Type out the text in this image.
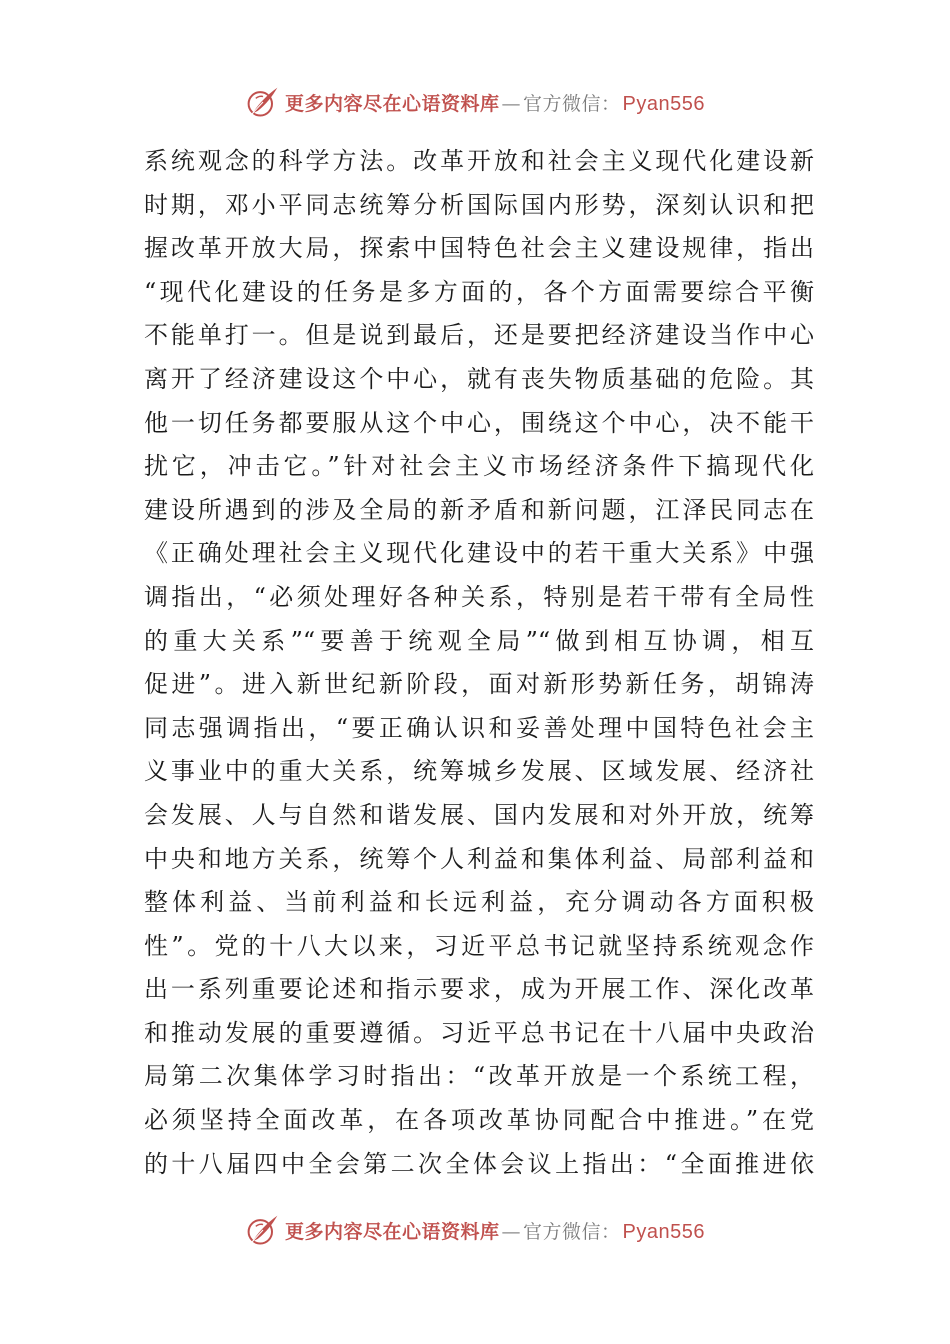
更多内容尽在心语资料库 — 官方微信： Pyan556
系统观念的科学方法。改革开放和社会主义现代化建设新
时期，邓小平同志统筹分析国际国内形势，深刻认识和把
握改革开放大局，探索中国特色社会主义建设规律，指出
“现代化建设的任务是多方面的，各个方面需要综合平衡
不能单打一。但是说到最后，还是要把经济建设当作中心
离开了经济建设这个中心，就有丧失物质基础的危险。其
他一切任务都要服从这个中心，围绕这个中心，决不能干
扰它，冲击它。”针对社会主义市场经济条件下搞现代化
建设所遇到的涉及全局的新矛盾和新问题，江泽民同志在
《正确处理社会主义现代化建设中的若干重大关系》中强
调指出，“必须处理好各种关系，特别是若干带有全局性
的重大关系”“要善于统观全局”“做到相互协调，相互
促进”。进入新世纪新阶段，面对新形势新任务，胡锦涛
同志强调指出，“要正确认识和妥善处理中国特色社会主
义事业中的重大关系，统筹城乡发展、区域发展、经济社
会发展、人与自然和谐发展、国内发展和对外开放，统筹
中央和地方关系，统筹个人利益和集体利益、局部利益和
整体利益、当前利益和长远利益，充分调动各方面积极
性”。党的十八大以来，习近平总书记就坚持系统观念作
出一系列重要论述和指示要求，成为开展工作、深化改革
和推动发展的重要遵循。习近平总书记在十八届中央政治
局第二次集体学习时指出：“改革开放是一个系统工程，
必须坚持全面改革，在各项改革协同配合中推进。”在党
的十八届四中全会第二次全体会议上指出：“全面推进依
更多内容尽在心语资料库 — 官方微信： Pyan556
